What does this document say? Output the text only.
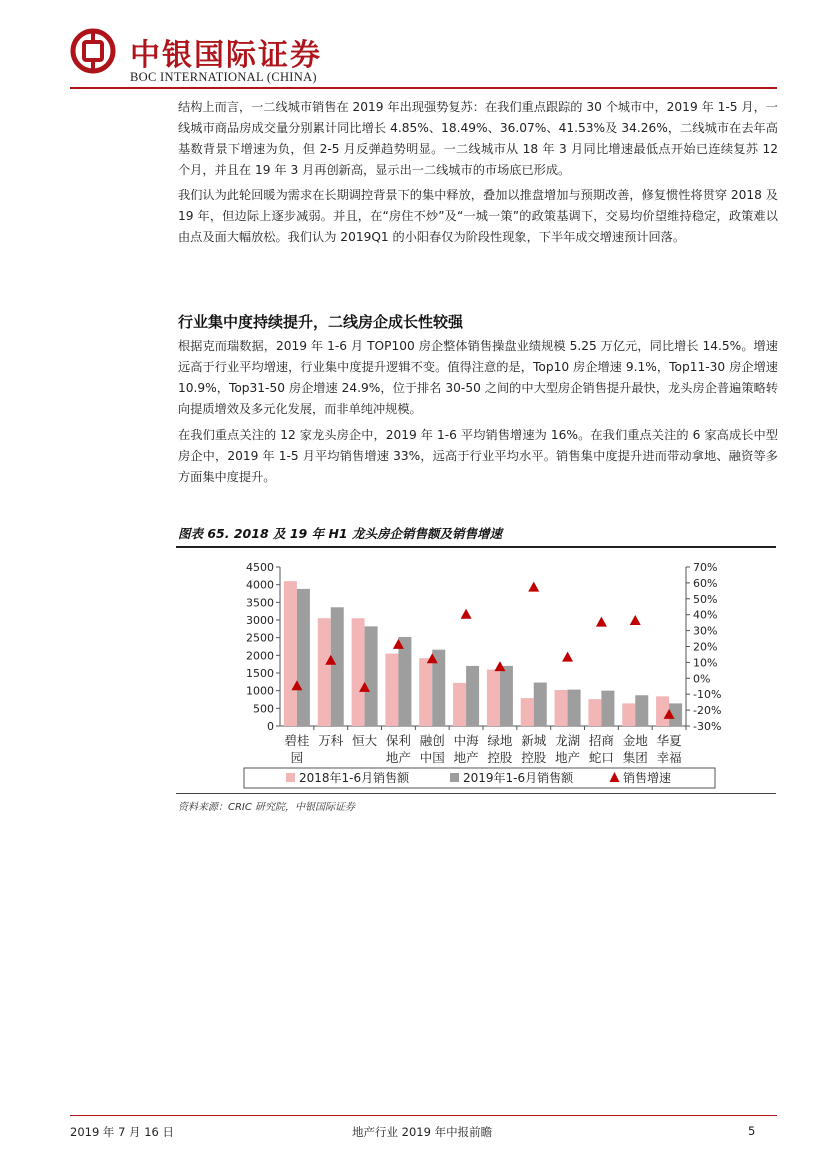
中银国际证券
BOC INTERNATIONAL (CHINA)

结构上而言，一二线城市销售在 2019 年出现强势复苏：在我们重点跟踪的 30 个城市中，2019 年 1-5 月，一线城市商品房成交量分别累计同比增长 4.85%、18.49%、36.07%、41.53%及 34.26%，二线城市在去年高基数背景下增速为负，但 2-5 月反弹趋势明显。一二线城市从 18 年 3 月同比增速最低点开始已连续复苏 12 个月，并且在 19 年 3 月再创新高，显示出一二线城市的市场底已形成。

我们认为此轮回暖为需求在长期调控背景下的集中释放，叠加以推盘增加与预期改善，修复惯性将贯穿 2018 及 19 年，但边际上逐步减弱。并且，在“房住不炒”及“一城一策”的政策基调下，交易均价望维持稳定，政策难以由点及面大幅放松。我们认为 2019Q1 的小阳春仅为阶段性现象，下半年成交增速预计回落。

行业集中度持续提升，二线房企成长性较强

根据克而瑞数据，2019 年 1-6 月 TOP100 房企整体销售操盘业绩规模 5.25 万亿元，同比增长 14.5%。增速远高于行业平均增速，行业集中度提升逻辑不变。值得注意的是，Top10 房企增速 9.1%，Top11-30 房企增速 10.9%，Top31-50 房企增速 24.9%，位于排名 30-50 之间的中大型房企销售提升最快，龙头房企普遍策略转向提质增效及多元化发展，而非单纯冲规模。

在我们重点关注的 12 家龙头房企中，2019 年 1-6 平均销售增速为 16%。在我们重点关注的 6 家高成长中型房企中，2019 年 1-5 月平均销售增速 33%，远高于行业平均水平。销售集中度提升进而带动拿地、融资等多方面集中度提升。

图表 65. 2018 及 19 年 H1 龙头房企销售额及销售增速
0
500
1000
1500
2000
2500
3000
3500
4000
4500
-30%
-20%
-10%
0%
10%
20%
30%
40%
50%
60%
70%
碧桂
园
万科 恒大 保利
地产
融创
中国
中海
地产
绿地
控股
新城
控股
龙湖
地产
招商
蛇口
金地
集团
华夏
幸福
2018年1-6月销售额	2019年1-6月销售额	销售增速
资料来源：CRIC 研究院，中银国际证券
2019 年 7 月 16 日	地产行业 2019 年中报前瞻	5
